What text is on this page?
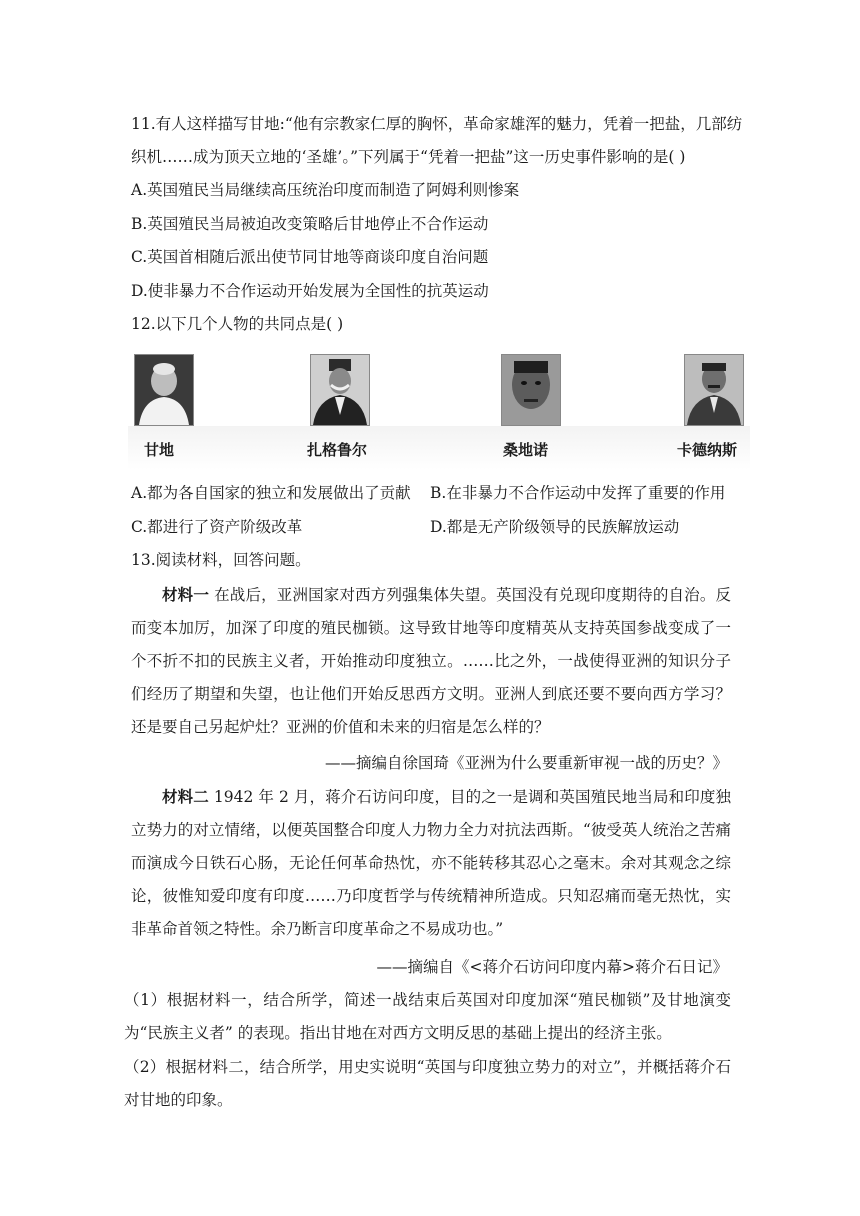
11.有人这样描写甘地:“他有宗教家仁厚的胸怀，革命家雄浑的魅力，凭着一把盐，几部纺
织机……成为顶天立地的‘圣雄’。”下列属于“凭着一把盐”这一历史事件影响的是( )
A.英国殖民当局继续高压统治印度而制造了阿姆利则惨案
B.英国殖民当局被迫改变策略后甘地停止不合作运动
C.英国首相随后派出使节同甘地等商谈印度自治问题
D.使非暴力不合作运动开始发展为全国性的抗英运动
12.以下几个人物的共同点是( )
甘地	扎格鲁尔	桑地诺	卡德纳斯
A.都为各自国家的独立和发展做出了贡献 B.在非暴力不合作运动中发挥了重要的作用
C.都进行了资产阶级改革	D.都是无产阶级领导的民族解放运动
13.阅读材料，回答问题。
材料一 在战后，亚洲国家对西方列强集体失望。英国没有兑现印度期待的自治。反而变本加厉，加深了印度的殖民枷锁。这导致甘地等印度精英从支持英国参战变成了一个不折不扣的民族主义者，开始推动印度独立。……比之外，一战使得亚洲的知识分子们经历了期望和失望，也让他们开始反思西方文明。亚洲人到底还要不要向西方学习？还是要自己另起炉灶？亚洲的价值和未来的归宿是怎么样的？
——摘编自徐国琦《亚洲为什么要重新审视一战的历史？》
材料二 1942 年 2 月，蒋介石访问印度，目的之一是调和英国殖民地当局和印度独立势力的对立情绪，以便英国整合印度人力物力全力对抗法西斯。“彼受英人统治之苦痛而演成今日铁石心肠，无论任何革命热忱，亦不能转移其忍心之毫末。余对其观念之综论，彼惟知爱印度有印度……乃印度哲学与传统精神所造成。只知忍痛而毫无热忱，实非革命首领之特性。余乃断言印度革命之不易成功也。”
——摘编自《<蒋介石访问印度内幕>蒋介石日记》
（1）根据材料一，结合所学，简述一战结束后英国对印度加深“殖民枷锁”及甘地演变为“民族主义者” 的表现。指出甘地在对西方文明反思的基础上提出的经济主张。
（2）根据材料二，结合所学，用史实说明“英国与印度独立势力的对立”，并概括蒋介石对甘地的印象。
